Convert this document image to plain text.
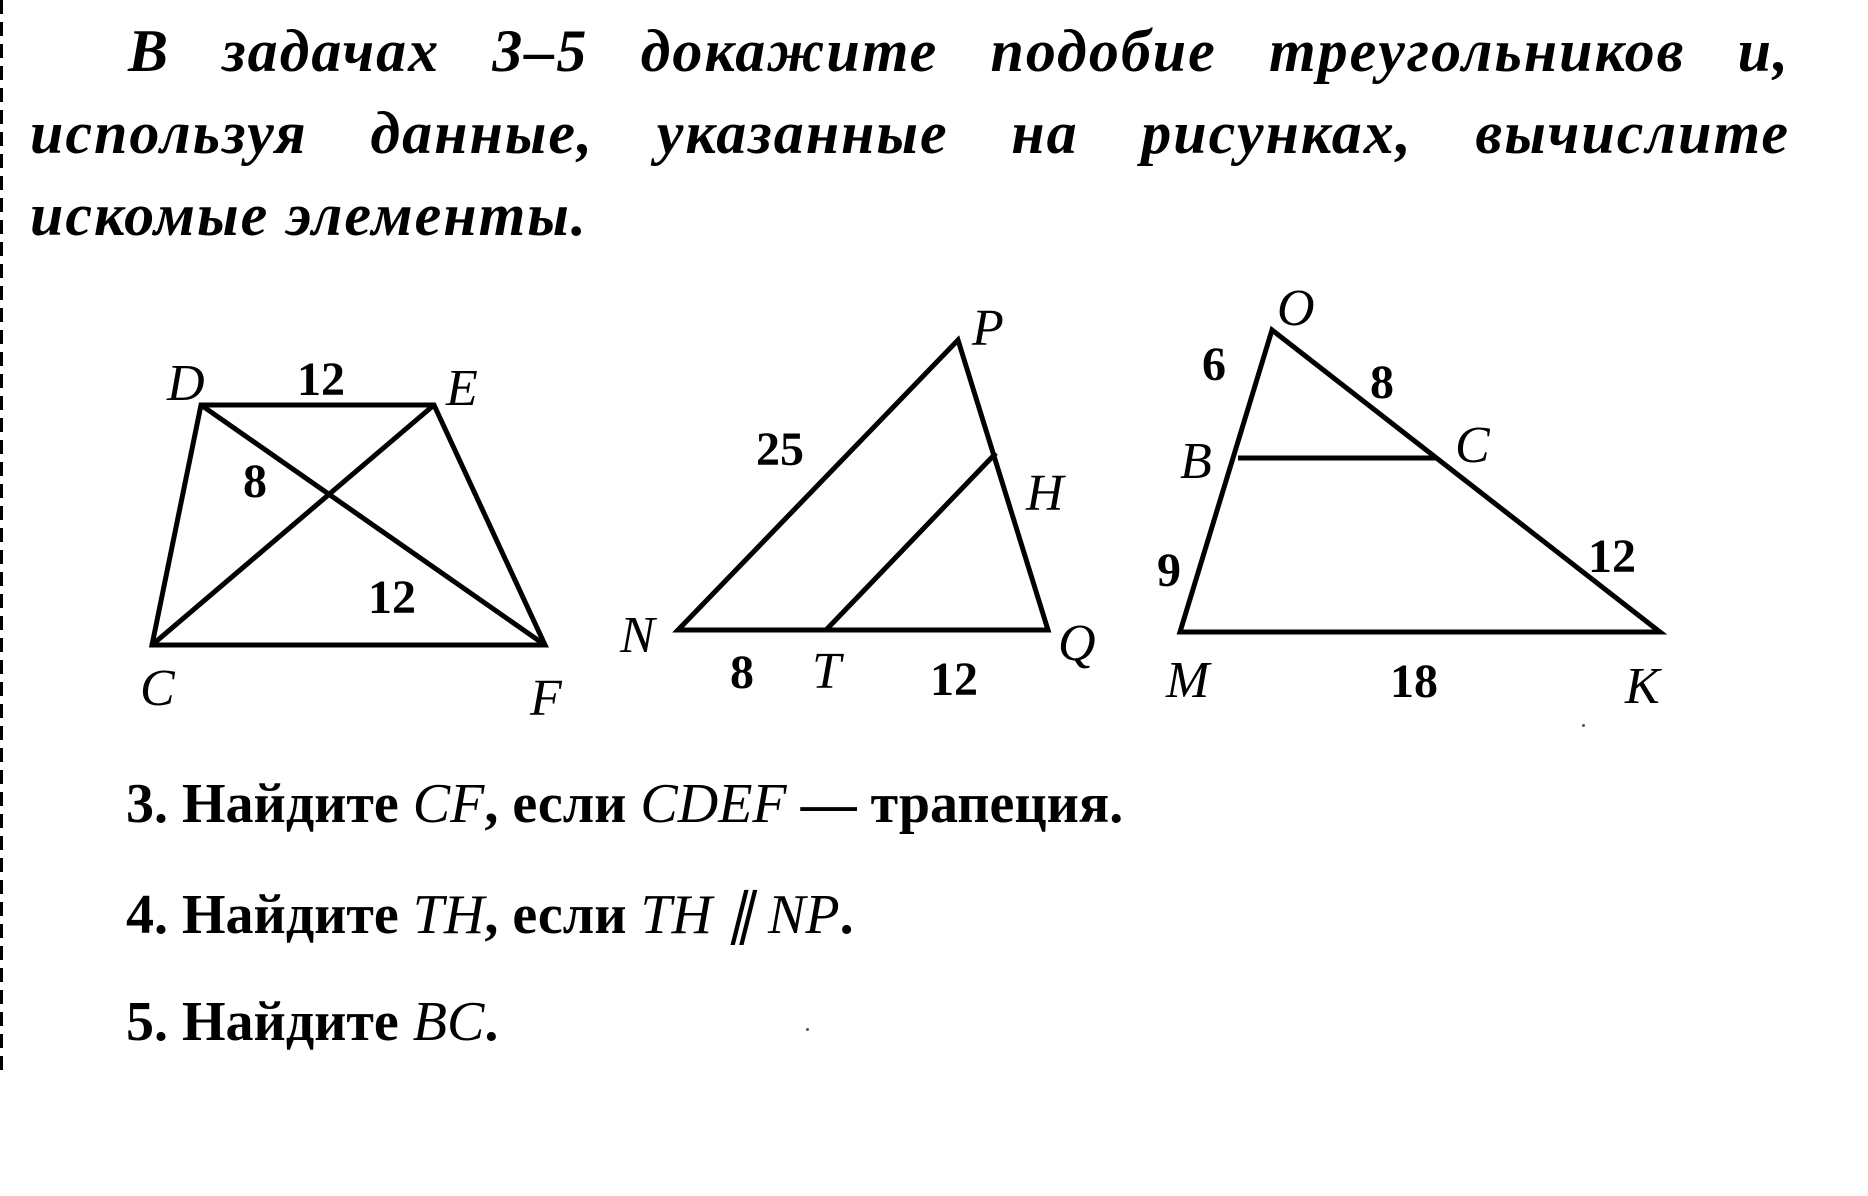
В задачах 3–5 докажите подобие треугольников и, используя данные, указанные на рисунках, вычислите искомые элементы.
D	E
C	F
12
8
12
P
H
N
T	Q
25
8	12
O
B	C
M	K
6	8
9	12
18
3. Найдите CF, если CDEF — трапеция.
4. Найдите TH, если TH ∥ NP.
5. Найдите BC.
